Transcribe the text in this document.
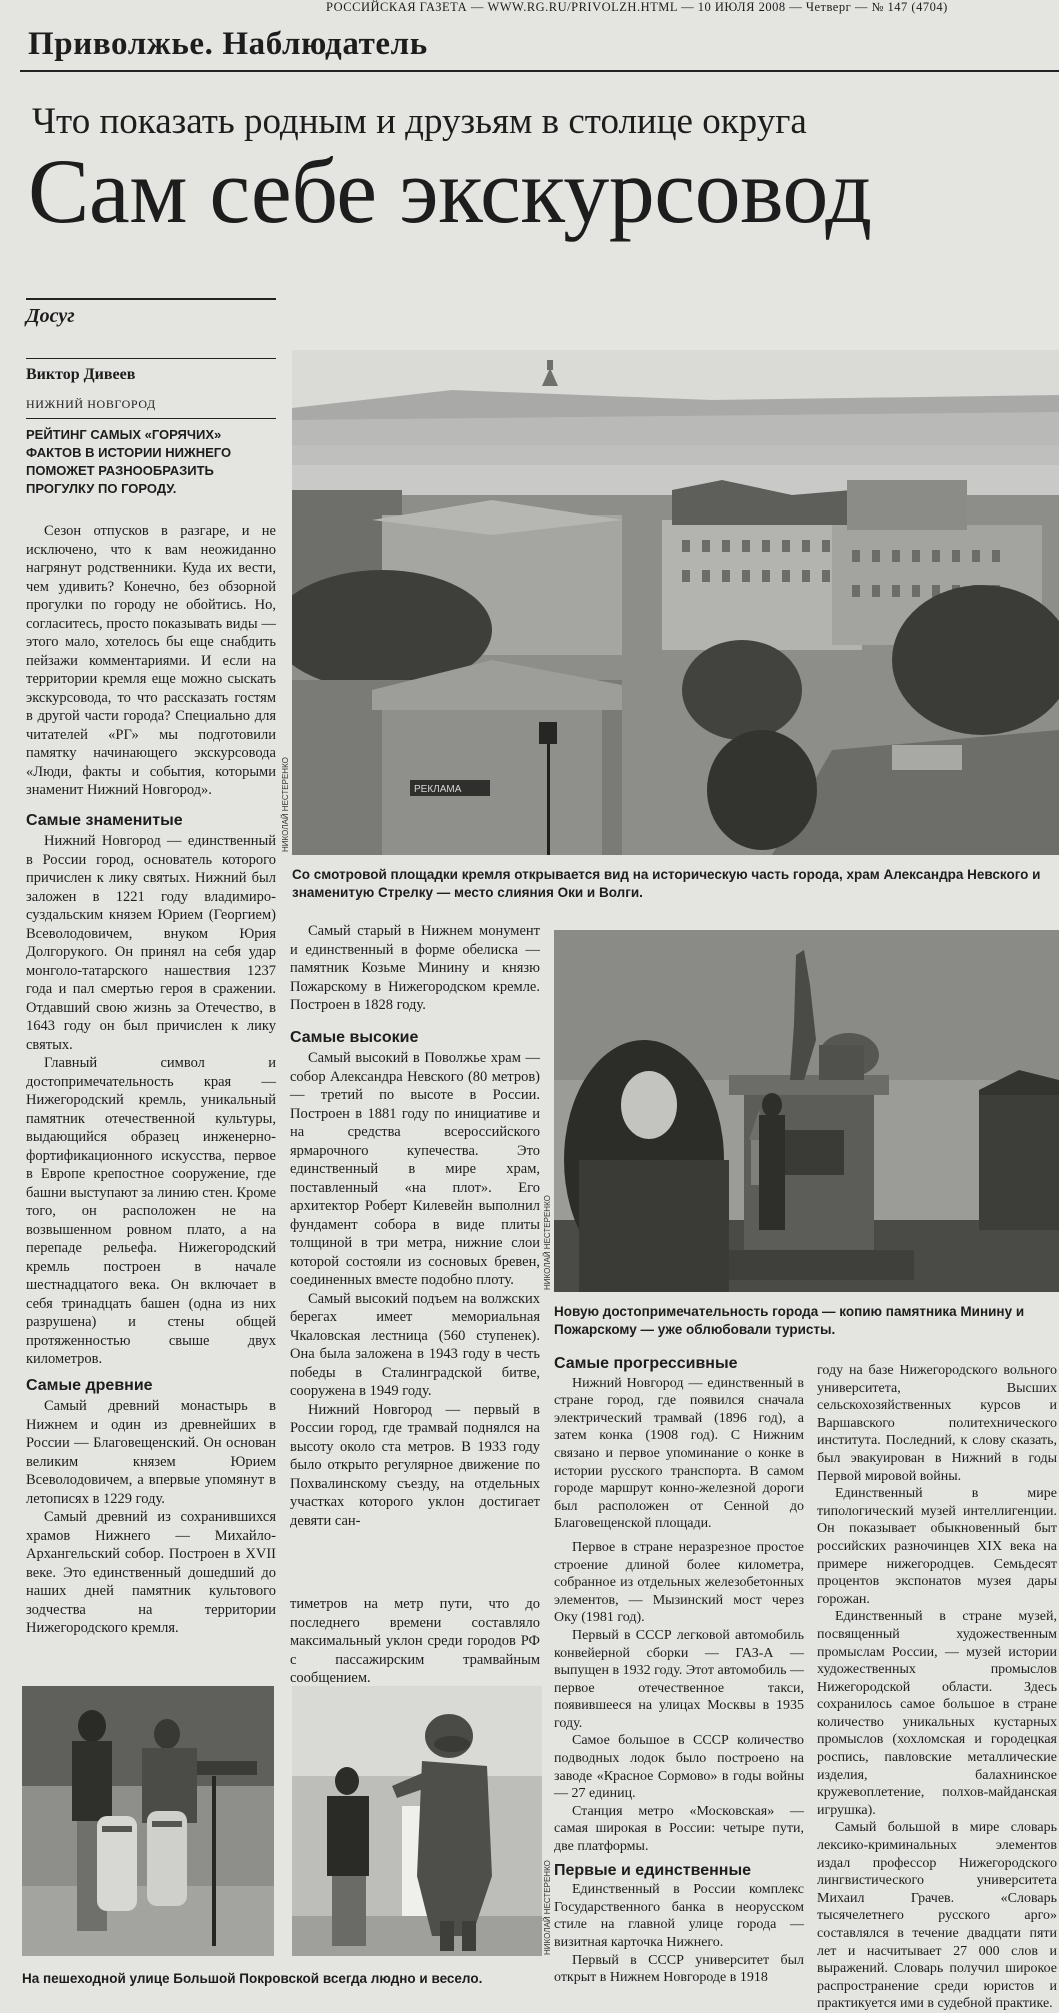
РОССИЙСКАЯ ГАЗЕТА — WWW.RG.RU/PRIVOLZH.HTML — 10 ИЮЛЯ 2008 — Четверг — № 147 (4704)
Приволжье. Наблюдатель
Что показать родным и друзьям в столице округа
Сам себе экскурсовод
Досуг
Виктор Дивеев
НИЖНИЙ НОВГОРОД
РЕЙТИНГ САМЫХ «ГОРЯЧИХ» ФАКТОВ В ИСТОРИИ НИЖНЕГО ПОМОЖЕТ РАЗНООБРАЗИТЬ ПРОГУЛКУ ПО ГОРОДУ.

Сезон отпусков в разгаре, и не исключено, что к вам неожиданно нагрянут родственники. Куда их вести, чем удивить? Конечно, без обзорной прогулки по городу не обойтись. Но, согласитесь, просто показывать виды — этого мало, хотелось бы еще снабдить пейзажи комментариями. И если на территории кремля еще можно сыскать экскурсовода, то что рассказать гостям в другой части города? Специально для читателей «РГ» мы подготовили памятку начинающего экскурсовода «Люди, факты и события, которыми знаменит Нижний Новгород».

Самые знаменитые

Нижний Новгород — единственный в России город, основатель которого причислен к лику святых. Нижний был заложен в 1221 году владимиро-суздальским князем Юрием (Георгием) Всеволодовичем, внуком Юрия Долгорукого. Он принял на себя удар монголо-татарского нашествия 1237 года и пал смертью героя в сражении. Отдавший свою жизнь за Отечество, в 1643 году он был причислен к лику святых.

Главный символ и достопримечательность края — Нижегородский кремль, уникальный памятник отечественной культуры, выдающийся образец инженерно-фортификационного искусства, первое в Европе крепостное сооружение, где башни выступают за линию стен. Кроме того, он расположен не на возвышенном ровном плато, а на перепаде рельефа. Нижегородский кремль построен в начале шестнадцатого века. Он включает в себя тринадцать башен (одна из них разрушена) и стены общей протяженностью свыше двух километров.

Самые древние

Самый древний монастырь в Нижнем и один из древнейших в России — Благовещенский. Он основан великим князем Юрием Всеволодовичем, а впервые упомянут в летописях в 1229 году.

Самый древний из сохранившихся храмов Нижнего — Михайло-Архангельский собор. Построен в XVII веке. Это единственный дошедший до наших дней памятник культового зодчества на территории Нижегородского кремля.

РЕКЛАМА
НИКОЛАЙ НЕСТЕРЕНКО
Со смотровой площадки кремля открывается вид на историческую часть города, храм Александра Невского и знаменитую Стрелку — место слияния Оки и Волги.

Самый старый в Нижнем монумент и единственный в форме обелиска — памятник Козьме Минину и князю Пожарскому в Нижегородском кремле. Построен в 1828 году.

Самые высокие

Самый высокий в Поволжье храм — собор Александра Невского (80 метров) — третий по высоте в России. Построен в 1881 году по инициативе и на средства всероссийского ярмарочного купечества. Это единственный в мире храм, поставленный «на плот». Его архитектор Роберт Килевейн выполнил фундамент собора в виде плиты толщиной в три метра, нижние слои которой состояли из сосновых бревен, соединенных вместе подобно плоту.

Самый высокий подъем на волжских берегах имеет мемориальная Чкаловская лестница (560 ступенек). Она была заложена в 1943 году в честь победы в Сталинградской битве, сооружена в 1949 году.

Нижний Новгород — первый в России город, где трамвай поднялся на высоту около ста метров. В 1933 году было открыто регулярное движение по Похвалинскому съезду, на отдельных участках которого уклон достигает девяти сан-

тиметров на метр пути, что до последнего времени составляло максимальный уклон среди городов РФ с пассажирским трамвайным сообщением.

НИКОЛАЙ НЕСТЕРЕНКО
Новую достопримечательность города — копию памятника Минину и Пожарскому — уже облюбовали туристы.
Самые прогрессивные

Нижний Новгород — единственный в стране город, где появился сначала электрический трамвай (1896 год), а затем конка (1908 год). С Нижним связано и первое упоминание о конке в истории русского транспорта. В самом городе маршрут конно-железной дороги был расположен от Сенной до Благовещенской площади.

Первое в стране неразрезное простое строение длиной более километра, собранное из отдельных железобетонных элементов, — Мызинский мост через Оку (1981 год).

Первый в СССР легковой автомобиль конвейерной сборки — ГАЗ-А — выпущен в 1932 году. Этот автомобиль — первое отечественное такси, появившееся на улицах Москвы в 1935 году.

Самое большое в СССР количество подводных лодок было построено на заводе «Красное Сормово» в годы войны — 27 единиц.

Станция метро «Московская» — самая широкая в России: четыре пути, две платформы.

Первые и единственные

Единственный в России комплекс Государственного банка в неорусском стиле на главной улице города — визитная карточка Нижнего.

Первый в СССР университет был открыт в Нижнем Новгороде в 1918

году на базе Нижегородского вольного университета, Высших сельскохозяйственных курсов и Варшавского политехнического института. Последний, к слову сказать, был эвакуирован в Нижний в годы Первой мировой войны.

Единственный в мире типологический музей интеллигенции. Он показывает обыкновенный быт российских разночинцев XIX века на примере нижегородцев. Семьдесят процентов экспонатов музея дары горожан.

Единственный в стране музей, посвященный художественным промыслам России, — музей истории художественных промыслов Нижегородской области. Здесь сохранилось самое большое в стране количество уникальных кустарных промыслов (хохломская и городецкая роспись, павловские металлические изделия, балахнинское кружевоплетение, полхов-майданская игрушка).

Самый большой в мире словарь лексико-криминальных элементов издал профессор Нижегородского лингвистического университета Михаил Грачев. «Словарь тысячелетнего русского арго» составлялся в течение двадцати пяти лет и насчитывает 27 000 слов и выражений. Словарь получил широкое распространение среди юристов и практикуется ими в судебной практике.

НИКОЛАЙ НЕСТЕРЕНКО
На пешеходной улице Большой Покровской всегда людно и весело.
